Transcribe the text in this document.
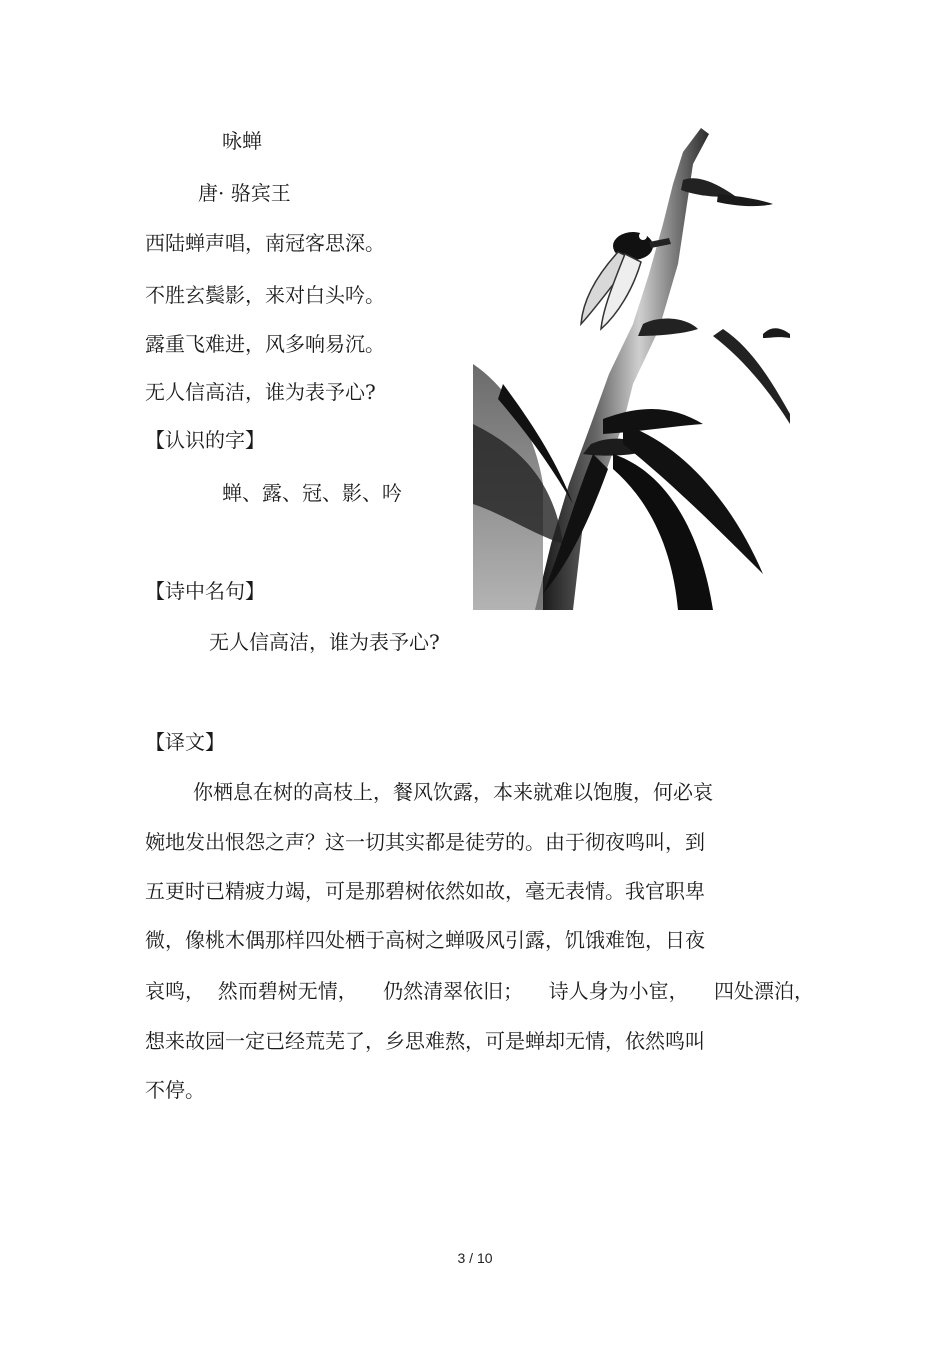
咏蝉
唐· 骆宾王
西陆蝉声唱，南冠客思深。
不胜玄鬓影，来对白头吟。
露重飞难进，风多响易沉。
无人信高洁，谁为表予心?
【认识的字】
蝉、露、冠、影、吟
【诗中名句】
无人信高洁，谁为表予心?
【译文】
你栖息在树的高枝上，餐风饮露，本来就难以饱腹，何必哀
婉地发出恨怨之声？这一切其实都是徒劳的。由于彻夜鸣叫，到
五更时已精疲力竭，可是那碧树依然如故，毫无表情。我官职卑
微，像桃木偶那样四处栖于高树之蝉吸风引露，饥饿难饱，日夜
哀鸣，  然而碧树无情，    仍然清翠依旧；    诗人身为小宦，    四处漂泊，
想来故园一定已经荒芜了，乡思难熬，可是蝉却无情，依然鸣叫
不停。
3 / 10
